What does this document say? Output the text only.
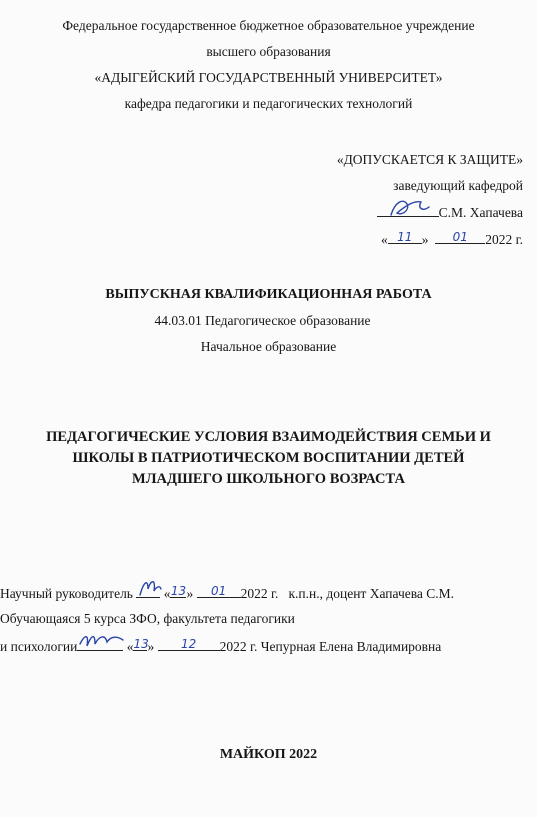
Федеральное государственное бюджетное образовательное учреждение
высшего образования
«АДЫГЕЙСКИЙ ГОСУДАРСТВЕННЫЙ УНИВЕРСИТЕТ»
кафедра педагогики и педагогических технологий
«ДОПУСКАЕТСЯ К ЗАЩИТЕ»
заведующий кафедрой
С.М. Хапачева
« 11 »	01	2022 г.
ВЫПУСКНАЯ КВАЛИФИКАЦИОННАЯ РАБОТА
44.03.01 Педагогическое образование
Начальное образование
ПЕДАГОГИЧЕСКИЕ УСЛОВИЯ ВЗАИМОДЕЙСТВИЯ СЕМЬИ И
ШКОЛЫ В ПАТРИОТИЧЕСКОМ ВОСПИТАНИИ ДЕТЕЙ
МЛАДШЕГО ШКОЛЬНОГО ВОЗРАСТА
Научный руководитель « 13 »	01	2022 г. к.п.н., доцент Хапачева С.М.
Обучающаяся 5 курса ЗФО, факультета педагогики
и психологии	« 13
»	12	2022 г. Чепурная Елена Владимировна
МАЙКОП 2022
